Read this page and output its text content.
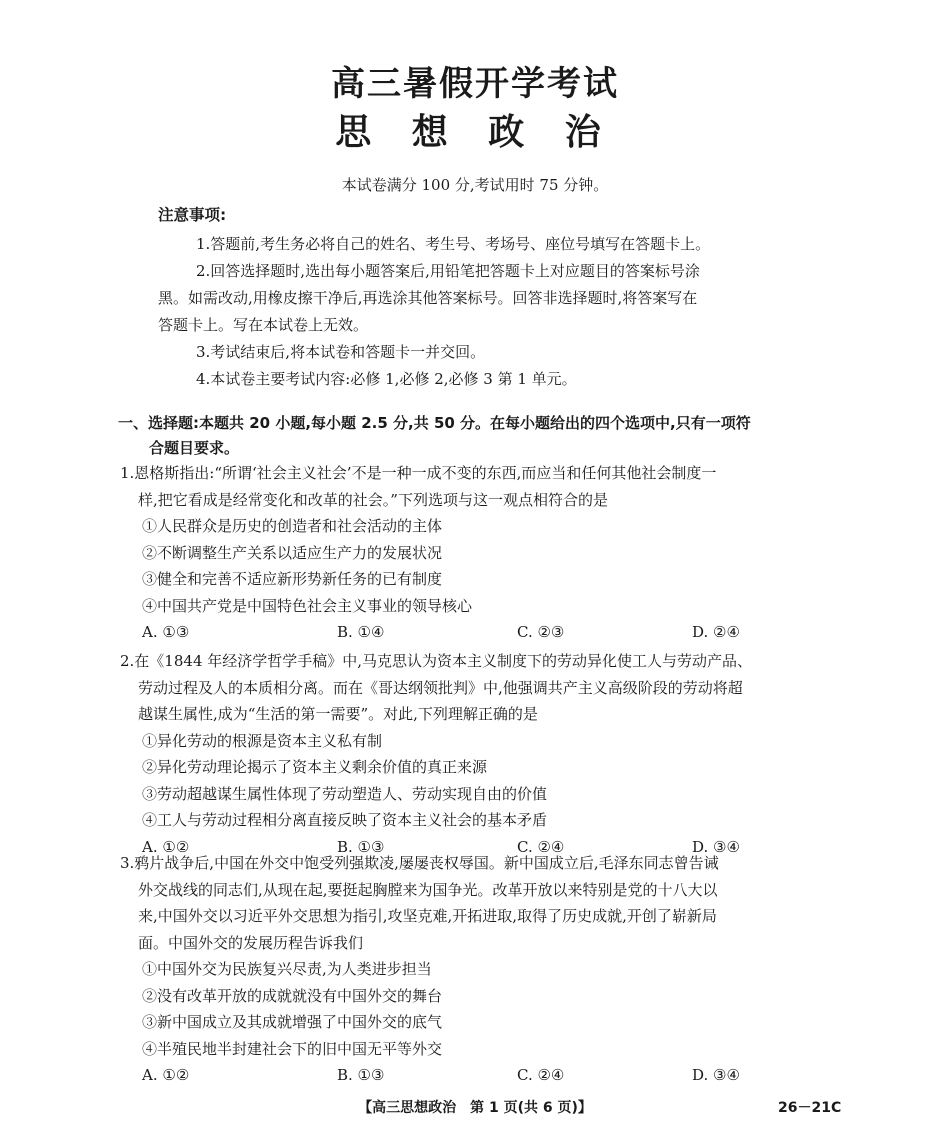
高三暑假开学考试
思 想 政 治
本试卷满分 100 分,考试用时 75 分钟。
注意事项:
1.答题前,考生务必将自己的姓名、考生号、考场号、座位号填写在答题卡上。
2.回答选择题时,选出每小题答案后,用铅笔把答题卡上对应题目的答案标号涂
黑。如需改动,用橡皮擦干净后,再选涂其他答案标号。回答非选择题时,将答案写在
答题卡上。写在本试卷上无效。
3.考试结束后,将本试卷和答题卡一并交回。
4.本试卷主要考试内容:必修 1,必修 2,必修 3 第 1 单元。
一、选择题:本题共 20 小题,每小题 2.5 分,共 50 分。在每小题给出的四个选项中,只有一项符
合题目要求。
1.恩格斯指出:“所谓‘社会主义社会’不是一种一成不变的东西,而应当和任何其他社会制度一
样,把它看成是经常变化和改革的社会。”下列选项与这一观点相符合的是
①人民群众是历史的创造者和社会活动的主体
②不断调整生产关系以适应生产力的发展状况
③健全和完善不适应新形势新任务的已有制度
④中国共产党是中国特色社会主义事业的领导核心
A. ①③	B. ①④	C. ②③	D. ②④
2.在《1844 年经济学哲学手稿》中,马克思认为资本主义制度下的劳动异化使工人与劳动产品、
劳动过程及人的本质相分离。而在《哥达纲领批判》中,他强调共产主义高级阶段的劳动将超
越谋生属性,成为“生活的第一需要”。对此,下列理解正确的是
①异化劳动的根源是资本主义私有制
②异化劳动理论揭示了资本主义剩余价值的真正来源
③劳动超越谋生属性体现了劳动塑造人、劳动实现自由的价值
④工人与劳动过程相分离直接反映了资本主义社会的基本矛盾
A. ①②	B. ①③	C. ②④	D. ③④
3.鸦片战争后,中国在外交中饱受列强欺凌,屡屡丧权辱国。新中国成立后,毛泽东同志曾告诫
外交战线的同志们,从现在起,要挺起胸膛来为国争光。改革开放以来特别是党的十八大以
来,中国外交以习近平外交思想为指引,攻坚克难,开拓进取,取得了历史成就,开创了崭新局
面。中国外交的发展历程告诉我们
①中国外交为民族复兴尽责,为人类进步担当
②没有改革开放的成就就没有中国外交的舞台
③新中国成立及其成就增强了中国外交的底气
④半殖民地半封建社会下的旧中国无平等外交
A. ①②	B. ①③	C. ②④	D. ③④
【高三思想政治　第 1 页(共 6 页)】	26－21C
